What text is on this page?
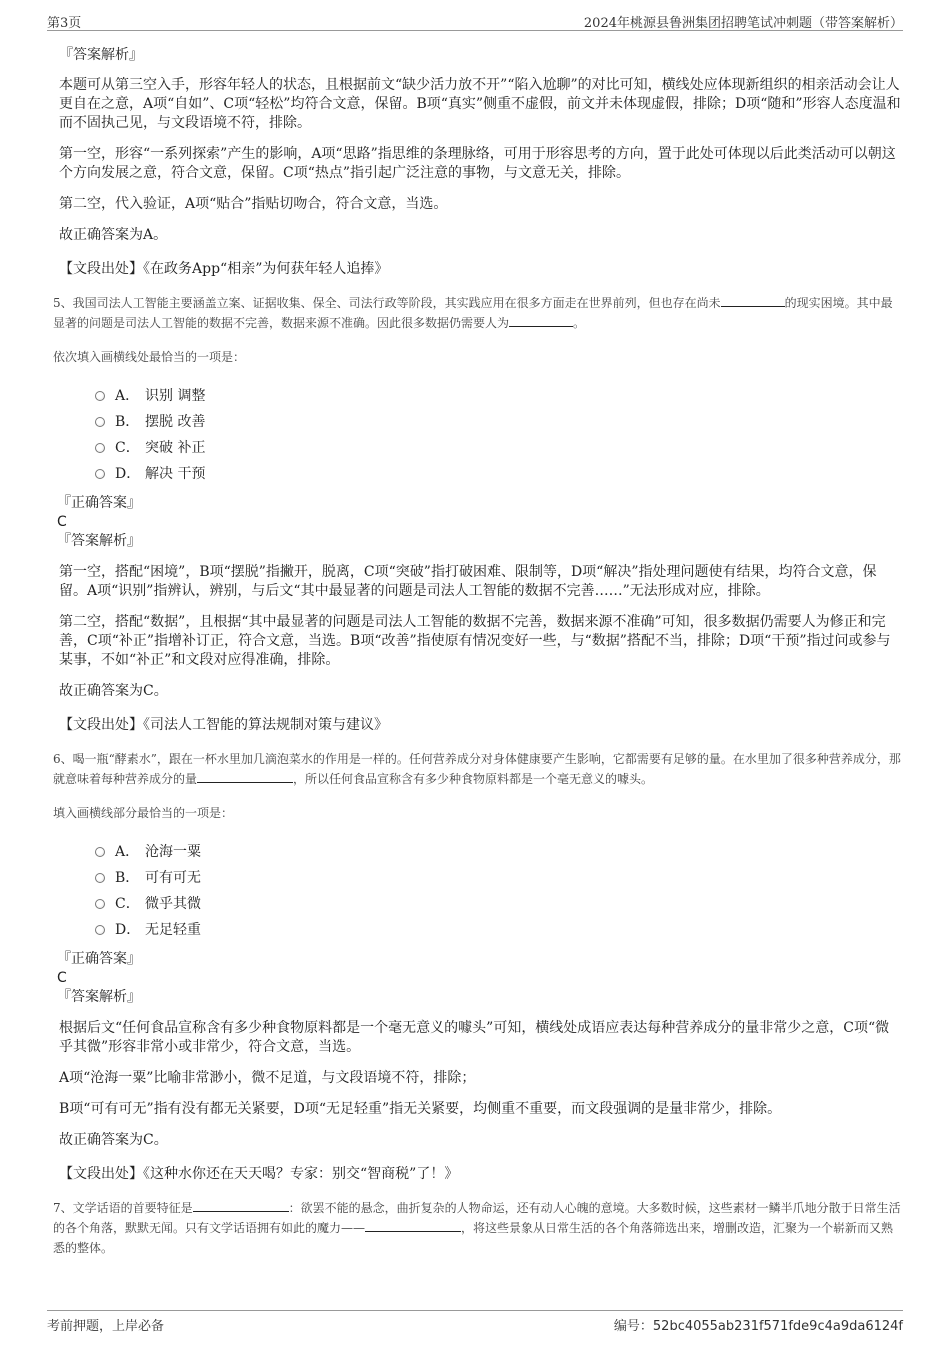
第3页	2024年桃源县鲁洲集团招聘笔试冲刺题（带答案解析）
『答案解析』
本题可从第三空入手，形容年轻人的状态，且根据前文“缺少活力放不开”“陷入尬聊”的对比可知，横线处应体现新组织的相亲活动会让人更自在之意，A项“自如”、C项“轻松”均符合文意，保留。B项“真实”侧重不虚假，前文并未体现虚假，排除；D项“随和”形容人态度温和而不固执己见，与文段语境不符，排除。
第一空，形容“一系列探索”产生的影响，A项“思路”指思维的条理脉络，可用于形容思考的方向，置于此处可体现以后此类活动可以朝这个方向发展之意，符合文意，保留。C项“热点”指引起广泛注意的事物，与文意无关，排除。
第二空，代入验证，A项“贴合”指贴切吻合，符合文意，当选。
故正确答案为A。
【文段出处】《在政务App“相亲”为何获年轻人追捧》
5、我国司法人工智能主要涵盖立案、证据收集、保全、司法行政等阶段，其实践应用在很多方面走在世界前列，但也存在尚未	的现实困境。其中最显著的问题是司法人工智能的数据不完善，数据来源不准确。因此很多数据仍需要人为	。
依次填入画横线处最恰当的一项是：
A． 识别 调整
B． 摆脱 改善
C． 突破 补正
D． 解决 干预
『正确答案』
C
『答案解析』
第一空，搭配“困境”，B项“摆脱”指撇开，脱离，C项“突破”指打破困难、限制等，D项“解决”指处理问题使有结果，均符合文意，保留。A项“识别”指辨认，辨别，与后文“其中最显著的问题是司法人工智能的数据不完善……”无法形成对应，排除。
第二空，搭配“数据”，且根据“其中最显著的问题是司法人工智能的数据不完善，数据来源不准确”可知，很多数据仍需要人为修正和完善，C项“补正”指增补订正，符合文意，当选。B项“改善”指使原有情况变好一些，与“数据”搭配不当，排除；D项“干预”指过问或参与某事，不如“补正”和文段对应得准确，排除。
故正确答案为C。
【文段出处】《司法人工智能的算法规制对策与建议》
6、喝一瓶“酵素水”，跟在一杯水里加几滴泡菜水的作用是一样的。任何营养成分对身体健康要产生影响，它都需要有足够的量。在水里加了很多种营养成分，那就意味着每种营养成分的量	，所以任何食品宣称含有多少种食物原料都是一个毫无意义的噱头。
填入画横线部分最恰当的一项是：
A． 沧海一粟
B． 可有可无
C． 微乎其微
D． 无足轻重
『正确答案』
C
『答案解析』
根据后文“任何食品宣称含有多少种食物原料都是一个毫无意义的噱头”可知，横线处成语应表达每种营养成分的量非常少之意，C项“微乎其微”形容非常小或非常少，符合文意，当选。
A项“沧海一粟”比喻非常渺小，微不足道，与文段语境不符，排除；
B项“可有可无”指有没有都无关紧要，D项“无足轻重”指无关紧要，均侧重不重要，而文段强调的是量非常少，排除。
故正确答案为C。
【文段出处】《这种水你还在天天喝？专家：别交“智商税”了！》
7、文学话语的首要特征是	：欲罢不能的悬念，曲折复杂的人物命运，还有动人心魄的意境。大多数时候，这些素材一鳞半爪地分散于日常生活的各个角落，默默无闻。只有文学话语拥有如此的魔力——	，将这些景象从日常生活的各个角落筛选出来，增删改造，汇聚为一个崭新而又熟悉的整体。
考前押题，上岸必备	编号：52bc4055ab231f571fde9c4a9da6124f
